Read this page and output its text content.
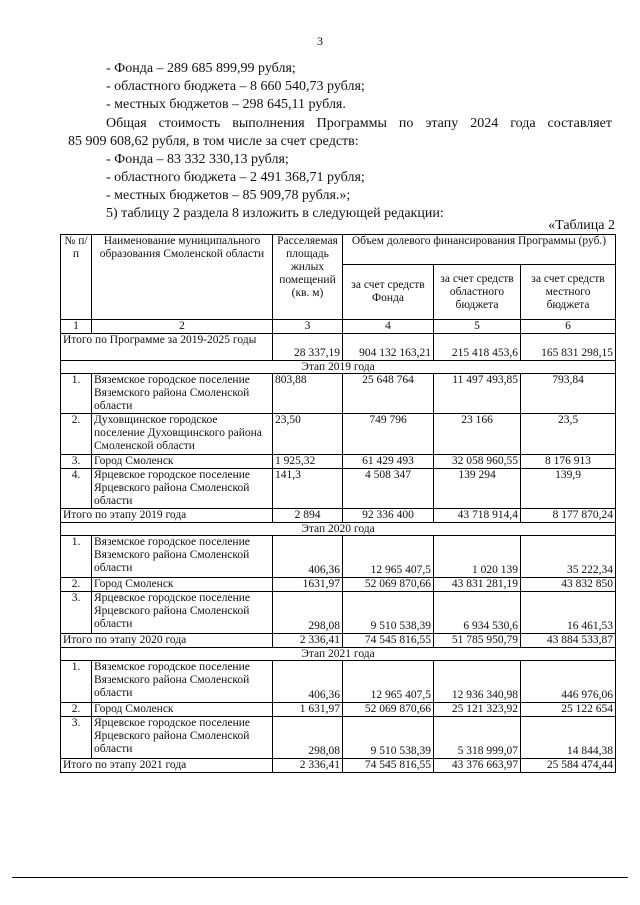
3
- Фонда – 289 685 899,99 рубля;
- областного бюджета – 8 660 540,73 рубля;
- местных бюджетов – 298 645,11 рубля.
Общая стоимость выполнения Программы по этапу 2024 года составляет
85 909 608,62 рубля, в том числе за счет средств:
- Фонда – 83 332 330,13 рубля;
- областного бюджета – 2 491 368,71 рубля;
- местных бюджетов – 85 909,78 рубля.»;
5) таблицу 2 раздела 8 изложить в следующей редакции:
«Таблица 2
№ п/п	Наименование муниципального образования Смоленской области	Расселяемая площадь жилых помещений (кв. м)	Объем долевого финансирования Программы (руб.)		
			за счет средств Фонда	за счет средств областного бюджета	за счет средств местного бюджета
1	2	3	4	5	6
Итого по Программе за 2019-2025 годы		28 337,19	904 132 163,21	215 418 453,6	165 831 298,15
Этап 2019 года					
1.	Вяземское городское поселение Вяземского района Смоленской области	803,88	25 648 764	11 497 493,85	793,84
2.	Духовщинское городское поселение Духовщинского района Смоленской области	23,50	749 796	23 166	23,5
3.	Город Смоленск	1 925,32	61 429 493	32 058 960,55	8 176 913
4.	Ярцевское городское поселение Ярцевского района Смоленской области	141,3	4 508 347	139 294	139,9
Итого по этапу 2019 года		2 894	92 336 400	43 718 914,4	8 177 870,24
Этап 2020 года					
1.	Вяземское городское поселение Вяземского района Смоленской области	406,36	12 965 407,5	1 020 139	35 222,34
2.	Город Смоленск	1631,97	52 069 870,66	43 831 281,19	43 832 850
3.	Ярцевское городское поселение Ярцевского района Смоленской области	298,08	9 510 538,39	6 934 530,6	16 461,53
Итого по этапу 2020 года		2 336,41	74 545 816,55	51 785 950,79	43 884 533,87
Этап 2021 года					
1.	Вяземское городское поселение Вяземского района Смоленской области	406,36	12 965 407,5	12 936 340,98	446 976,06
2.	Город Смоленск	1 631,97	52 069 870,66	25 121 323,92	25 122 654
3.	Ярцевское городское поселение Ярцевского района Смоленской области	298,08	9 510 538,39	5 318 999,07	14 844,38
Итого по этапу 2021 года		2 336,41	74 545 816,55	43 376 663,97	25 584 474,44
